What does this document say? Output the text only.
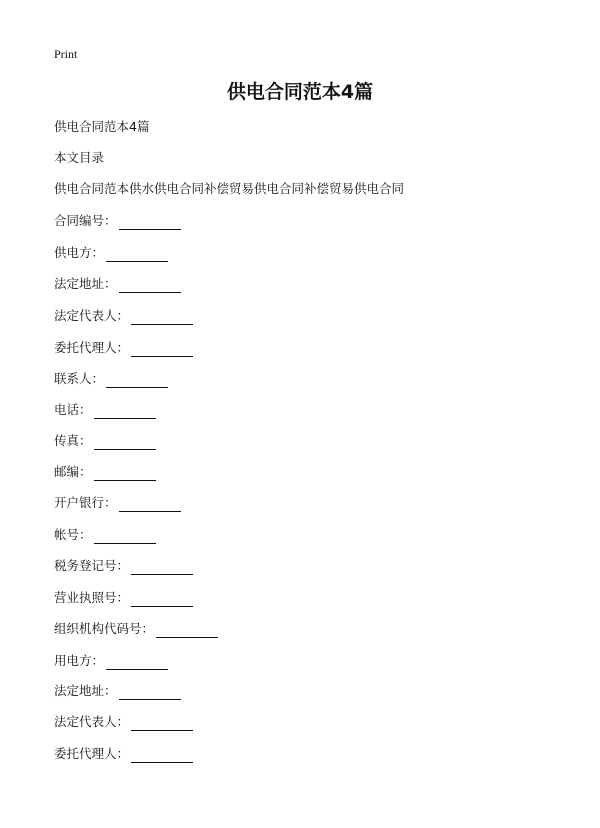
Print
供电合同范本4篇
供电合同范本4篇
本文目录
供电合同范本供水供电合同补偿贸易供电合同补偿贸易供电合同
合同编号：
供电方：
法定地址：
法定代表人：
委托代理人：
联系人：
电话：
传真：
邮编：
开户银行：
帐号：
税务登记号：
营业执照号：
组织机构代码号：
用电方：
法定地址：
法定代表人：
委托代理人：
